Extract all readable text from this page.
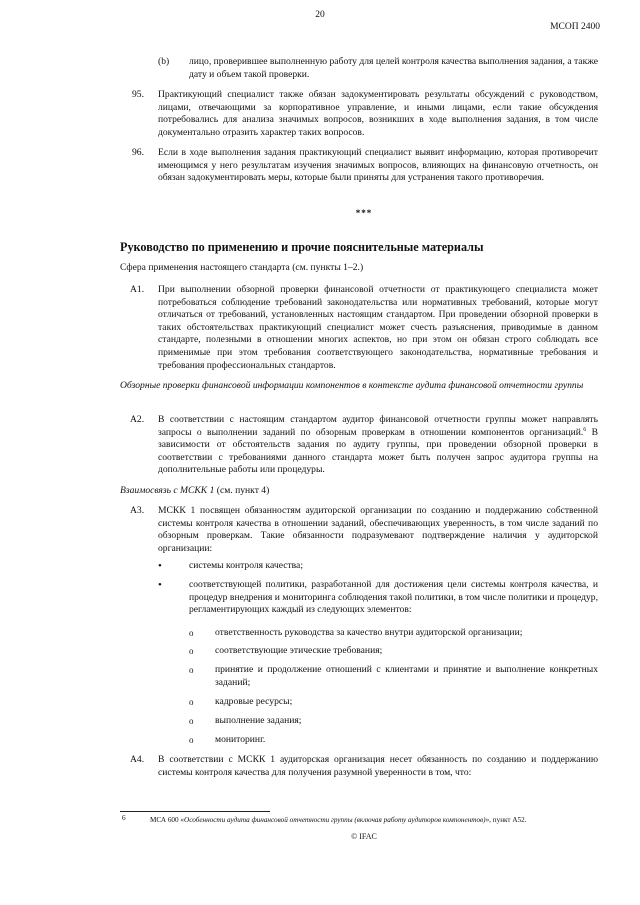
20
МСОП 2400
(b) лицо, проверившее выполненную работу для целей контроля качества выполнения задания, а также дату и объем такой проверки.
95. Практикующий специалист также обязан задокументировать результаты обсуждений с руководством, лицами, отвечающими за корпоративное управление, и иными лицами, если такие обсуждения потребовались для анализа значимых вопросов, возникших в ходе выполнения задания, в том числе документально отразить характер таких вопросов.
96. Если в ходе выполнения задания практикующий специалист выявит информацию, которая противоречит имеющимся у него результатам изучения значимых вопросов, влияющих на финансовую отчетность, он обязан задокументировать меры, которые были приняты для устранения такого противоречия.
***
Руководство по применению и прочие пояснительные материалы
Сфера применения настоящего стандарта (см. пункты 1–2.)
A1. При выполнении обзорной проверки финансовой отчетности от практикующего специалиста может потребоваться соблюдение требований законодательства или нормативных требований, которые могут отличаться от требований, установленных настоящим стандартом. При проведении обзорной проверки в таких обстоятельствах практикующий специалист может счесть разъяснения, приводимые в данном стандарте, полезными в отношении многих аспектов, но при этом он обязан строго соблюдать все применимые при этом требования соответствующего законодательства, нормативные требования и требования профессиональных стандартов.
Обзорные проверки финансовой информации компонентов в контексте аудита финансовой отчетности группы
A2. В соответствии с настоящим стандартом аудитор финансовой отчетности группы может направлять запросы о выполнении заданий по обзорным проверкам в отношении компонентов организаций.$^6$ В зависимости от обстоятельств задания по аудиту группы, при проведении обзорной проверки в соответствии с требованиями данного стандарта может быть получен запрос аудитора группы на дополнительные работы или процедуры.
Взаимосвязь с МСКК 1 (см. пункт 4)
A3. МСКК 1 посвящен обязанностям аудиторской организации по созданию и поддержанию собственной системы контроля качества в отношении заданий, обеспечивающих уверенность, в том числе заданий по обзорным проверкам. Такие обязанности подразумевают подтверждение наличия у аудиторской организации:
•	системы контроля качества;
•	соответствующей политики, разработанной для достижения цели системы контроля качества, и процедур внедрения и мониторинга соблюдения такой политики, в том числе политики и процедур, регламентирующих каждый из следующих элементов:
o ответственность руководства за качество внутри аудиторской организации;
o соответствующие этические требования;
o принятие и продолжение отношений с клиентами и принятие и выполнение конкретных заданий;
o кадровые ресурсы;
o выполнение задания;
o мониторинг.
A4. В соответствии с МСКК 1 аудиторская организация несет обязанность по созданию и поддержанию системы контроля качества для получения разумной уверенности в том, что:
6	МСА 600 «Особенности аудита финансовой отчетности группы (включая работу аудиторов компонентов)», пункт А52.
© IFAC
